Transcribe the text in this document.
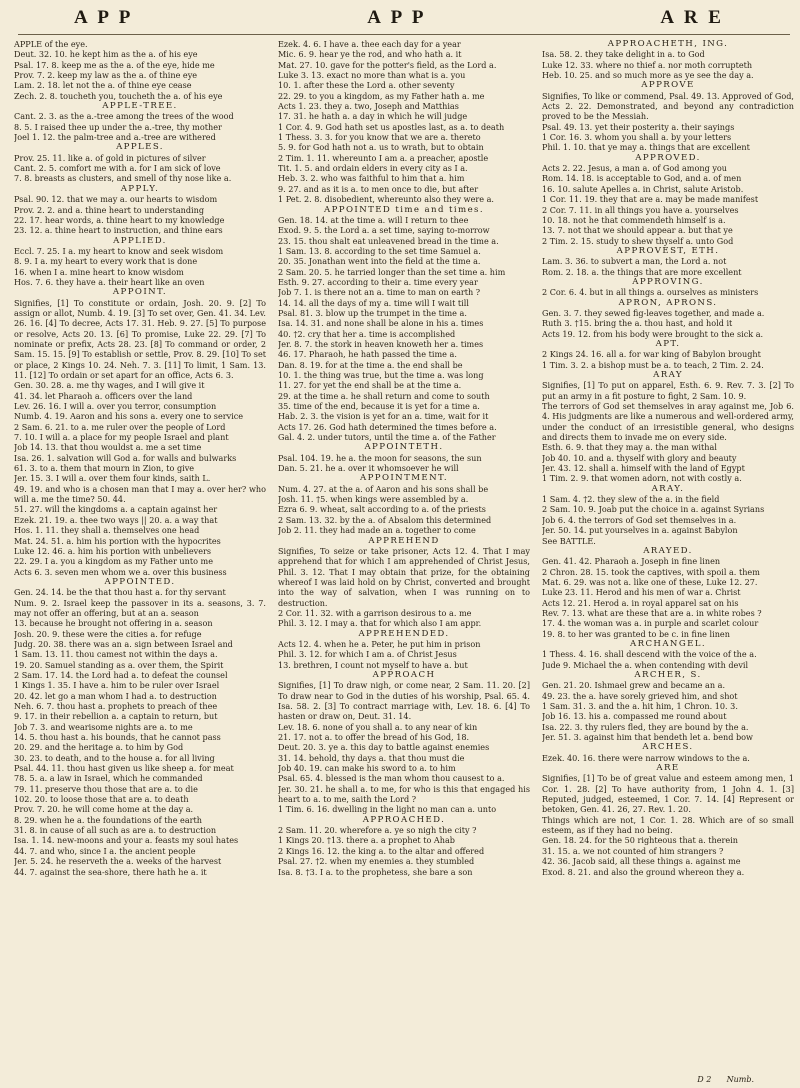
A P P	A P P	A R E

APPLE of the eye.

Deut. 32. 10. he kept him as the a. of his eye

Psal. 17. 8. keep me as the a. of the eye, hide me

Prov. 7. 2. keep my law as the a. of thine eye

Lam. 2. 18. let not the a. of thine eye cease

Zech. 2. 8. toucheth you, toucheth the a. of his eye

APPLE-TREE.

Cant. 2. 3. as the a.-tree among the trees of the wood

8. 5. I raised thee up under the a.-tree, thy mother

Joel 1. 12. the palm-tree and a.-tree are withered

APPLES.

Prov. 25. 11. like a. of gold in pictures of silver

Cant. 2. 5. comfort me with a. for I am sick of love

7. 8. breasts as clusters, and smell of thy nose like a.

APPLY.

Psal. 90. 12. that we may a. our hearts to wisdom

Prov. 2. 2. and a. thine heart to understanding

22. 17. hear words, a. thine heart to my knowledge

23. 12. a. thine heart to instruction, and thine ears

APPLIED.

Eccl. 7. 25. I a. my heart to know and seek wisdom

8. 9. I a. my heart to every work that is done

16. when I a. mine heart to know wisdom

Hos. 7. 6. they have a. their heart like an oven

APPOINT.

Signifies, [1] To constitute or ordain, Josh. 20. 9. [2] To assign or allot, Numb. 4. 19. [3] To set over, Gen. 41. 34. Lev. 26. 16. [4] To decree, Acts 17. 31. Heb. 9. 27. [5] To purpose or resolve, Acts 20. 13. [6] To promise, Luke 22. 29. [7] To nominate or prefix, Acts 28. 23. [8] To command or order, 2 Sam. 15. 15. [9] To establish or settle, Prov. 8. 29. [10] To set or place, 2 Kings 10. 24. Neh. 7. 3. [11] To limit, 1 Sam. 13. 11. [12] To ordain or set apart for an office, Acts 6. 3.

Gen. 30. 28. a. me thy wages, and I will give it

41. 34. let Pharaoh a. officers over the land

Lev. 26. 16. I will a. over you terror, consumption

Numb. 4. 19. Aaron and his sons a. every one to service

2 Sam. 6. 21. to a. me ruler over the people of Lord

7. 10. I will a. a place for my people Israel and plant

Job 14. 13. that thou wouldst a. me a set time

Isa. 26. 1. salvation will God a. for walls and bulwarks

61. 3. to a. them that mourn in Zion, to give

Jer. 15. 3. I will a. over them four kinds, saith L.

49. 19. and who is a chosen man that I may a. over her? who will a. me the time? 50. 44.

51. 27. will the kingdoms a. a captain against her

Ezek. 21. 19. a. thee two ways || 20. a. a way that

Hos. 1. 11. they shall a. themselves one head

Mat. 24. 51. a. him his portion with the hypocrites

Luke 12. 46. a. him his portion with unbelievers

22. 29. I a. you a kingdom as my Father unto me

Acts 6. 3. seven men whom we a. over this business

APPOINTED.

Gen. 24. 14. be the that thou hast a. for thy servant

Num. 9. 2. Israel keep the passover in its a. seasons, 3. 7. may not offer an offering, but at an a. season

13. because he brought not offering in a. season

Josh. 20. 9. these were the cities a. for refuge

Judg. 20. 38. there was an a. sign between Israel and

1 Sam. 13. 11. thou camest not within the days a.

19. 20. Samuel standing as a. over them, the Spirit

2 Sam. 17. 14. the Lord had a. to defeat the counsel

1 Kings 1. 35. I have a. him to be ruler over Israel

20. 42. let go a man whom I had a. to destruction

Neh. 6. 7. thou hast a. prophets to preach of thee

9. 17. in their rebellion a. a captain to return, but

Job 7. 3. and wearisome nights are a. to me

14. 5. thou hast a. his bounds, that he cannot pass

20. 29. and the heritage a. to him by God

30. 23. to death, and to the house a. for all living

Psal. 44. 11. thou hast given us like sheep a. for meat

78. 5. a. a law in Israel, which he commanded

79. 11. preserve thou those that are a. to die

102. 20. to loose those that are a. to death

Prov. 7. 20. he will come home at the day a.

8. 29. when he a. the foundations of the earth

31. 8. in cause of all such as are a. to destruction

Isa. 1. 14. new-moons and your a. feasts my soul hates

44. 7. and who, since I a. the ancient people

Jer. 5. 24. he reserveth the a. weeks of the harvest

44. 7. against the sea-shore, there hath he a. it

Ezek. 4. 6. I have a. thee each day for a year

Mic. 6. 9. hear ye the rod, and who hath a. it

Mat. 27. 10. gave for the potter's field, as the Lord a.

Luke 3. 13. exact no more than what is a. you

10. 1. after these the Lord a. other seventy

22. 29. to you a kingdom, as my Father hath a. me

Acts 1. 23. they a. two, Joseph and Matthias

17. 31. he hath a. a day in which he will judge

1 Cor. 4. 9. God hath set us apostles last, as a. to death

1 Thess. 3. 3. for you know that we are a. thereto

5. 9. for God hath not a. us to wrath, but to obtain

2 Tim. 1. 11. whereunto I am a. a preacher, apostle

Tit. 1. 5. and ordain elders in every city as I a.

Heb. 3. 2. who was faithful to him that a. him

9. 27. and as it is a. to men once to die, but after

1 Pet. 2. 8. disobedient, whereunto also they were a.

APPOINTED time and times.

Gen. 18. 14. at the time a. will I return to thee

Exod. 9. 5. the Lord a. a set time, saying to-morrow

23. 15. thou shalt eat unleavened bread in the time a.

1 Sam. 13. 8. according to the set time Samuel a.

20. 35. Jonathan went into the field at the time a.

2 Sam. 20. 5. he tarried longer than the set time a. him

Esth. 9. 27. according to their a. time every year

Job 7. 1. is there not an a. time to man on earth ?

14. 14. all the days of my a. time will I wait till

Psal. 81. 3. blow up the trumpet in the time a.

Isa. 14. 31. and none shall be alone in his a. times

40. †2. cry that her a. time is accomplished

Jer. 8. 7. the stork in heaven knoweth her a. times

46. 17. Pharaoh, he hath passed the time a.

Dan. 8. 19. for at the time a. the end shall be

10. 1. the thing was true, but the time a. was long

11. 27. for yet the end shall be at the time a.

29. at the time a. he shall return and come to south

35. time of the end, because it is yet for a time a.

Hab. 2. 3. the vision is yet for an a. time, wait for it

Acts 17. 26. God hath determined the times before a.

Gal. 4. 2. under tutors, until the time a. of the Father

APPOINTETH.

Psal. 104. 19. he a. the moon for seasons, the sun

Dan. 5. 21. he a. over it whomsoever he will

APPOINTMENT.

Num. 4. 27. at the a. of Aaron and his sons shall be

Josh. 11. †5. when kings were assembled by a.

Ezra 6. 9. wheat, salt according to a. of the priests

2 Sam. 13. 32. by the a. of Absalom this determined

Job 2. 11. they had made an a. together to come

APPREHEND

Signifies, To seize or take prisoner, Acts 12. 4. That I may apprehend that for which I am apprehended of Christ Jesus, Phil. 3. 12. That I may obtain that prize, for the obtaining whereof I was laid hold on by Christ, converted and brought into the way of salvation, when I was running on to destruction.

2 Cor. 11. 32. with a garrison desirous to a. me

Phil. 3. 12. I may a. that for which also I am appr.

APPREHENDED.

Acts 12. 4. when he a. Peter, he put him in prison

Phil. 3. 12. for which I am a. of Christ Jesus

13. brethren, I count not myself to have a. but

APPROACH

Signifies, [1] To draw nigh, or come near, 2 Sam. 11. 20. [2] To draw near to God in the duties of his worship, Psal. 65. 4. Isa. 58. 2. [3] To contract marriage with, Lev. 18. 6. [4] To hasten or draw on, Deut. 31. 14.

Lev. 18. 6. none of you shall a. to any near of kin

21. 17. not a. to offer the bread of his God, 18.

Deut. 20. 3. ye a. this day to battle against enemies

31. 14. behold, thy days a. that thou must die

Job 40. 19. can make his sword to a. to him

Psal. 65. 4. blessed is the man whom thou causest to a.

Jer. 30. 21. he shall a. to me, for who is this that engaged his heart to a. to me, saith the Lord ?

1 Tim. 6. 16. dwelling in the light no man can a. unto

APPROACHED.

2 Sam. 11. 20. wherefore a. ye so nigh the city ?

1 Kings 20. †13. there a. a prophet to Ahab

2 Kings 16. 12. the king a. to the altar and offered

Psal. 27. †2. when my enemies a. they stumbled

Isa. 8. †3. I a. to the prophetess, she bare a son

APPROACHETH, ING.

Isa. 58. 2. they take delight in a. to God

Luke 12. 33. where no thief a. nor moth corrupteth

Heb. 10. 25. and so much more as ye see the day a.

APPROVE

Signifies, To like or commend, Psal. 49. 13. Approved of God, Acts 2. 22. Demonstrated, and beyond any contradiction proved to be the Messiah.

Psal. 49. 13. yet their posterity a. their sayings

1 Cor. 16. 3. whom you shall a. by your letters

Phil. 1. 10. that ye may a. things that are excellent

APPROVED.

Acts 2. 22. Jesus, a man a. of God among you

Rom. 14. 18. is acceptable to God, and a. of men

16. 10. salute Apelles a. in Christ, salute Aristob.

1 Cor. 11. 19. they that are a. may be made manifest

2 Cor. 7. 11. in all things you have a. yourselves

10. 18. not he that commendeth himself is a.

13. 7. not that we should appear a. but that ye

2 Tim. 2. 15. study to shew thyself a. unto God

APPROVEST, ETH.

Lam. 3. 36. to subvert a man, the Lord a. not

Rom. 2. 18. a. the things that are more excellent

APPROVING.

2 Cor. 6. 4. but in all things a. ourselves as ministers

APRON, APRONS.

Gen. 3. 7. they sewed fig-leaves together, and made a.

Ruth 3. †15. bring the a. thou hast, and hold it

Acts 19. 12. from his body were brought to the sick a.

APT.

2 Kings 24. 16. all a. for war king of Babylon brought

1 Tim. 3. 2. a bishop must be a. to teach, 2 Tim. 2. 24.

ARAY

Signifies, [1] To put on apparel, Esth. 6. 9. Rev. 7. 3. [2] To put an army in a fit posture to fight, 2 Sam. 10. 9.

The terrors of God set themselves in aray against me, Job 6. 4. His judgments are like a numerous and well-ordered army, under the conduct of an irresistible general, who designs and directs them to invade me on every side.

Esth. 6. 9. that they may a. the man withal

Job 40. 10. and a. thyself with glory and beauty

Jer. 43. 12. shall a. himself with the land of Egypt

1 Tim. 2. 9. that women adorn, not with costly a.

ARAY.

1 Sam. 4. †2. they slew of the a. in the field

2 Sam. 10. 9. Joab put the choice in a. against Syrians

Job 6. 4. the terrors of God set themselves in a.

Jer. 50. 14. put yourselves in a. against Babylon

See BATTLE.

ARAYED.

Gen. 41. 42. Pharaoh a. Joseph in fine linen

2 Chron. 28. 15. took the captives, with spoil a. them

Mat. 6. 29. was not a. like one of these, Luke 12. 27.

Luke 23. 11. Herod and his men of war a. Christ

Acts 12. 21. Herod a. in royal apparel sat on his

Rev. 7. 13. what are these that are a. in white robes ?

17. 4. the woman was a. in purple and scarlet colour

19. 8. to her was granted to be c. in fine linen

ARCHANGEL.

1 Thess. 4. 16. shall descend with the voice of the a.

Jude 9. Michael the a. when contending with devil

ARCHER, S.

Gen. 21. 20. Ishmael grew and became an a.

49. 23. the a. have sorely grieved him, and shot

1 Sam. 31. 3. and the a. hit him, 1 Chron. 10. 3.

Job 16. 13. his a. compassed me round about

Isa. 22. 3. thy rulers fled, they are bound by the a.

Jer. 51. 3. against him that bendeth let a. bend bow

ARCHES.

Ezek. 40. 16. there were narrow windows to the a.

ARE

Signifies, [1] To be of great value and esteem among men, 1 Cor. 1. 28. [2] To have authority from, 1 John 4. 1. [3] Reputed, judged, esteemed, 1 Cor. 7. 14. [4] Represent or betoken, Gen. 41. 26, 27. Rev. 1. 20.

Things which are not, 1 Cor. 1. 28. Which are of so small esteem, as if they had no being.

Gen. 18. 24. for the 50 righteous that a. therein

31. 15. a. we not counted of him strangers ?

42. 36. Jacob said, all these things a. against me

Exod. 8. 21. and also the ground whereon they a.

D 2 Numb.
